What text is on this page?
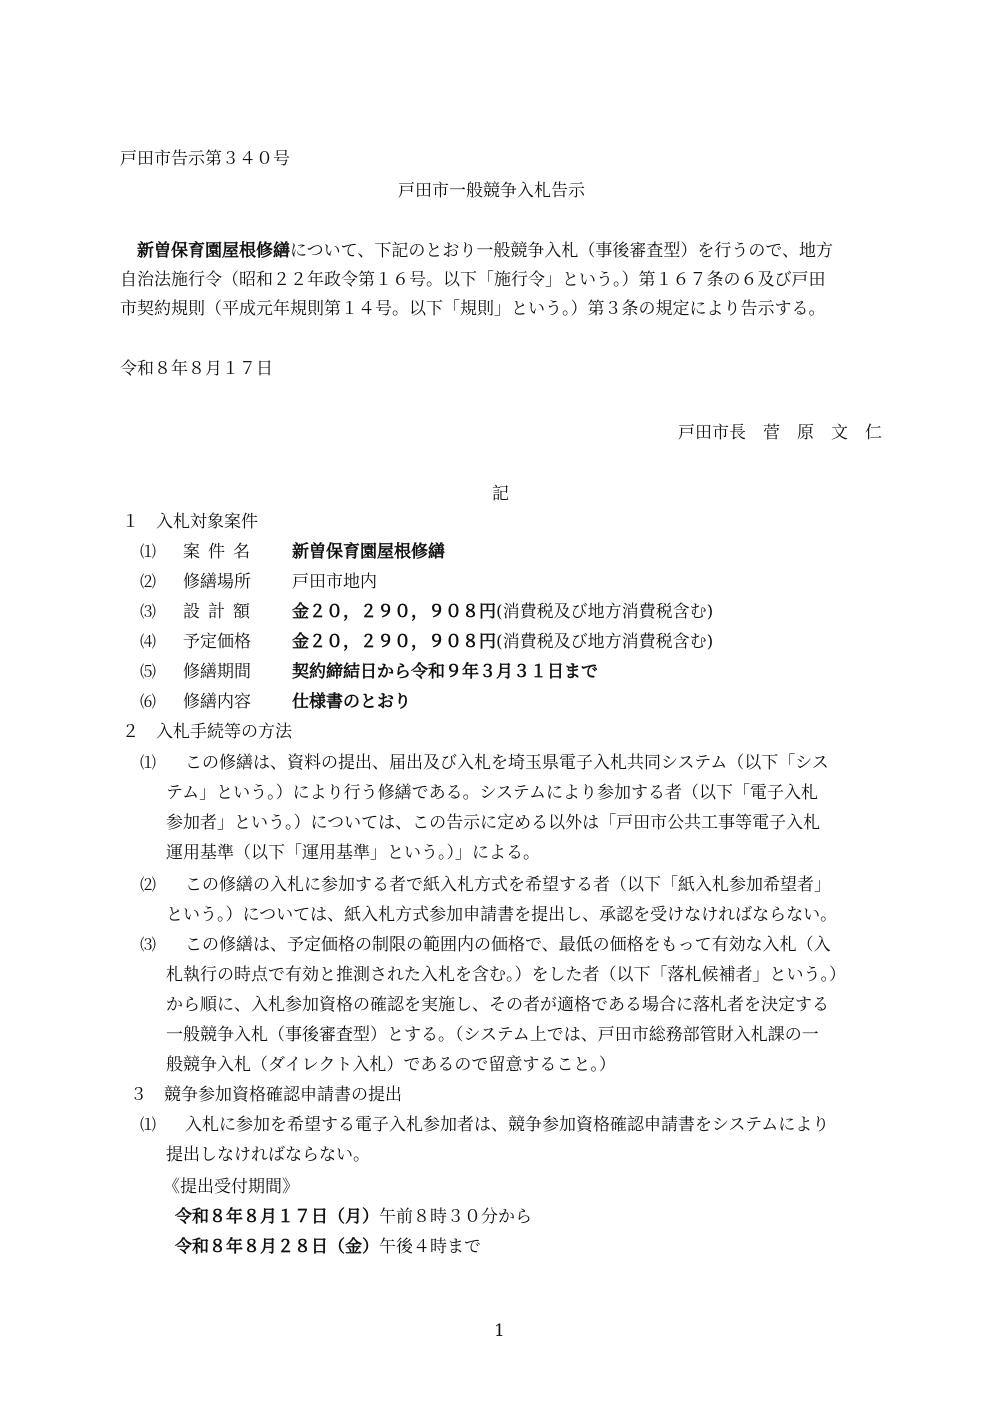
戸田市告示第３４０号
戸田市一般競争入札告示
新曽保育園屋根修繕について、下記のとおり一般競争入札（事後審査型）を行うので、地方
自治法施行令（昭和２２年政令第１６号。以下「施行令」という。）第１６７条の６及び戸田
市契約規則（平成元年規則第１４号。以下「規則」という。）第３条の規定により告示する。
令和８年８月１７日
戸田市長　菅　原　文　仁
記
１　入札対象案件
⑴ 案件名 新曽保育園屋根修繕
⑵ 修繕場所 戸田市地内
⑶ 設計額 金２０，２９０，９０８円(消費税及び地方消費税含む)
⑷ 予定価格 金２０，２９０，９０８円(消費税及び地方消費税含む)
⑸ 修繕期間 契約締結日から令和９年３月３１日まで
⑹ 修繕内容 仕様書のとおり
２　入札手続等の方法
⑴ この修繕は、資料の提出、届出及び入札を埼玉県電子入札共同システム（以下「シス
テム」という。）により行う修繕である。システムにより参加する者（以下「電子入札
参加者」という。）については、この告示に定める以外は「戸田市公共工事等電子入札
運用基準（以下「運用基準」という。）」による。
⑵ この修繕の入札に参加する者で紙入札方式を希望する者（以下「紙入札参加希望者」
という。）については、紙入札方式参加申請書を提出し、承認を受けなければならない。
⑶ この修繕は、予定価格の制限の範囲内の価格で、最低の価格をもって有効な入札（入
札執行の時点で有効と推測された入札を含む。）をした者（以下「落札候補者」という。）
から順に、入札参加資格の確認を実施し、その者が適格である場合に落札者を決定する
一般競争入札（事後審査型）とする。（システム上では、戸田市総務部管財入札課の一
般競争入札（ダイレクト入札）であるので留意すること。）
３　競争参加資格確認申請書の提出
⑴ 入札に参加を希望する電子入札参加者は、競争参加資格確認申請書をシステムにより
提出しなければならない。
《提出受付期間》
令和８年８月１７日（月）午前８時３０分から
令和８年８月２８日（金）午後４時まで
1
